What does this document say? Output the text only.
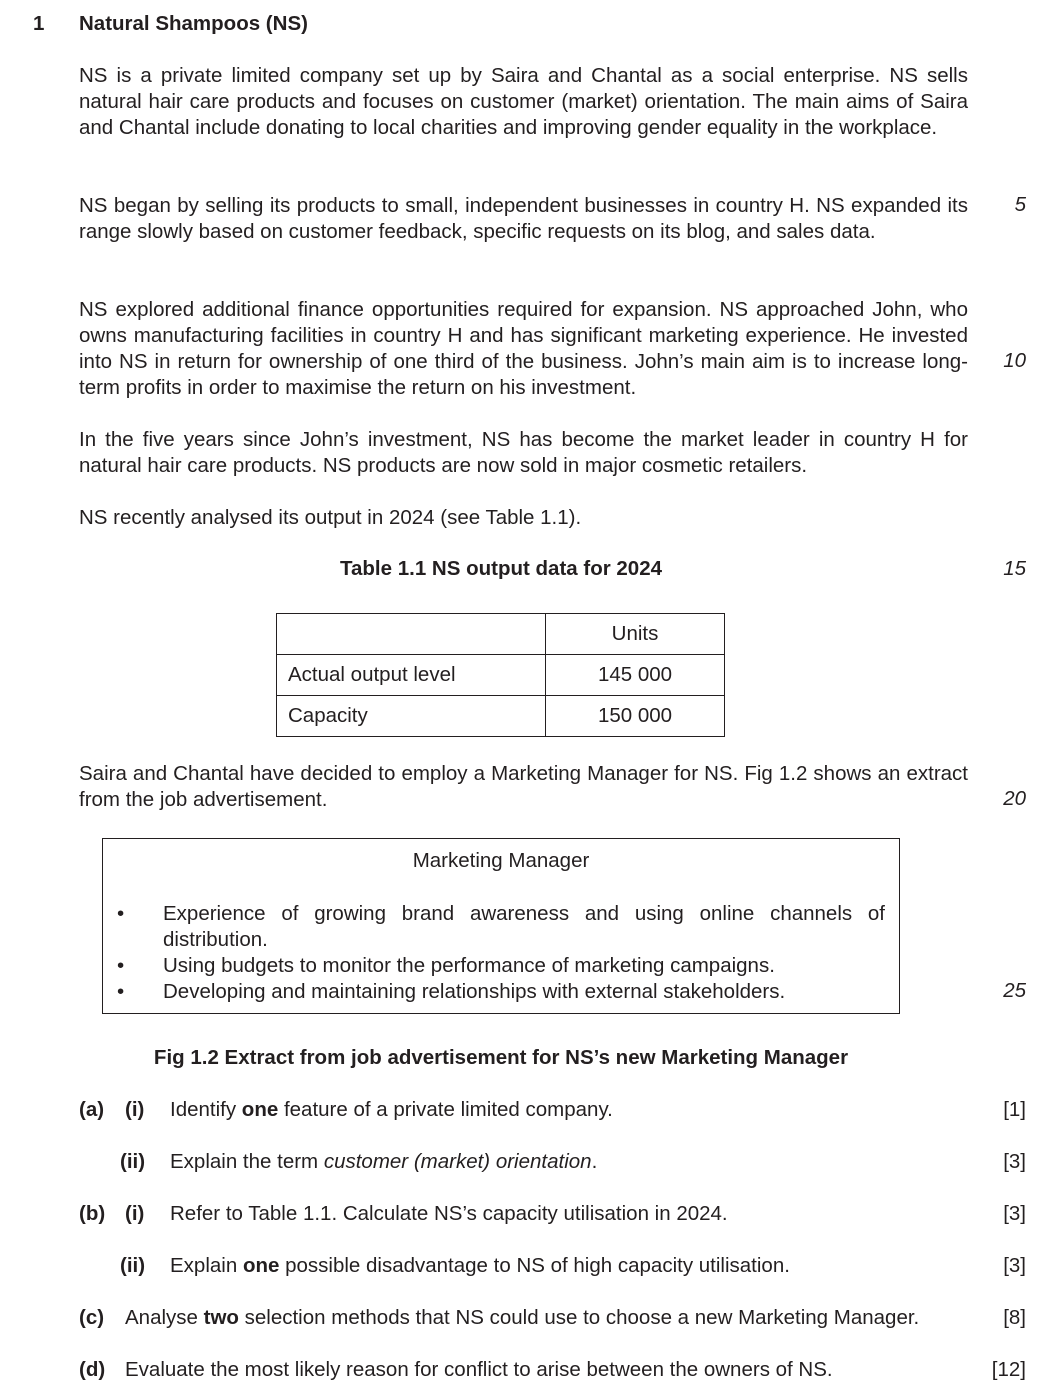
1 Natural Shampoos (NS)
NS is a private limited company set up by Saira and Chantal as a social enterprise. NS sells natural hair care products and focuses on customer (market) orientation. The main aims of Saira and Chantal include donating to local charities and improving gender equality in the workplace.
NS began by selling its products to small, independent businesses in country H. NS expanded its range slowly based on customer feedback, specific requests on its blog, and sales data.
5
NS explored additional finance opportunities required for expansion. NS approached John, who owns manufacturing facilities in country H and has significant marketing experience. He invested into NS in return for ownership of one third of the business. John’s main aim is to increase long-term profits in order to maximise the return on his investment.
10
In the five years since John’s investment, NS has become the market leader in country H for natural hair care products. NS products are now sold in major cosmetic retailers.
NS recently analysed its output in 2024 (see Table 1.1).
Table 1.1 NS output data for 2024	15
	Units
Actual output level	145 000
Capacity	150 000
Saira and Chantal have decided to employ a Marketing Manager for NS. Fig 1.2 shows an extract from the job advertisement.	20
Marketing Manager
• Experience of growing brand awareness and using online channels of distribution.
• Using budgets to monitor the performance of marketing campaigns.
• Developing and maintaining relationships with external stakeholders.	25
Fig 1.2 Extract from job advertisement for NS’s new Marketing Manager
(a) (i) Identify one feature of a private limited company.	[1]
(ii) Explain the term customer (market) orientation.	[3]
(b) (i) Refer to Table 1.1. Calculate NS’s capacity utilisation in 2024.	[3]
(ii) Explain one possible disadvantage to NS of high capacity utilisation.	[3]
(c) Analyse two selection methods that NS could use to choose a new Marketing Manager.	[8]
(d) Evaluate the most likely reason for conflict to arise between the owners of NS.	[12]
